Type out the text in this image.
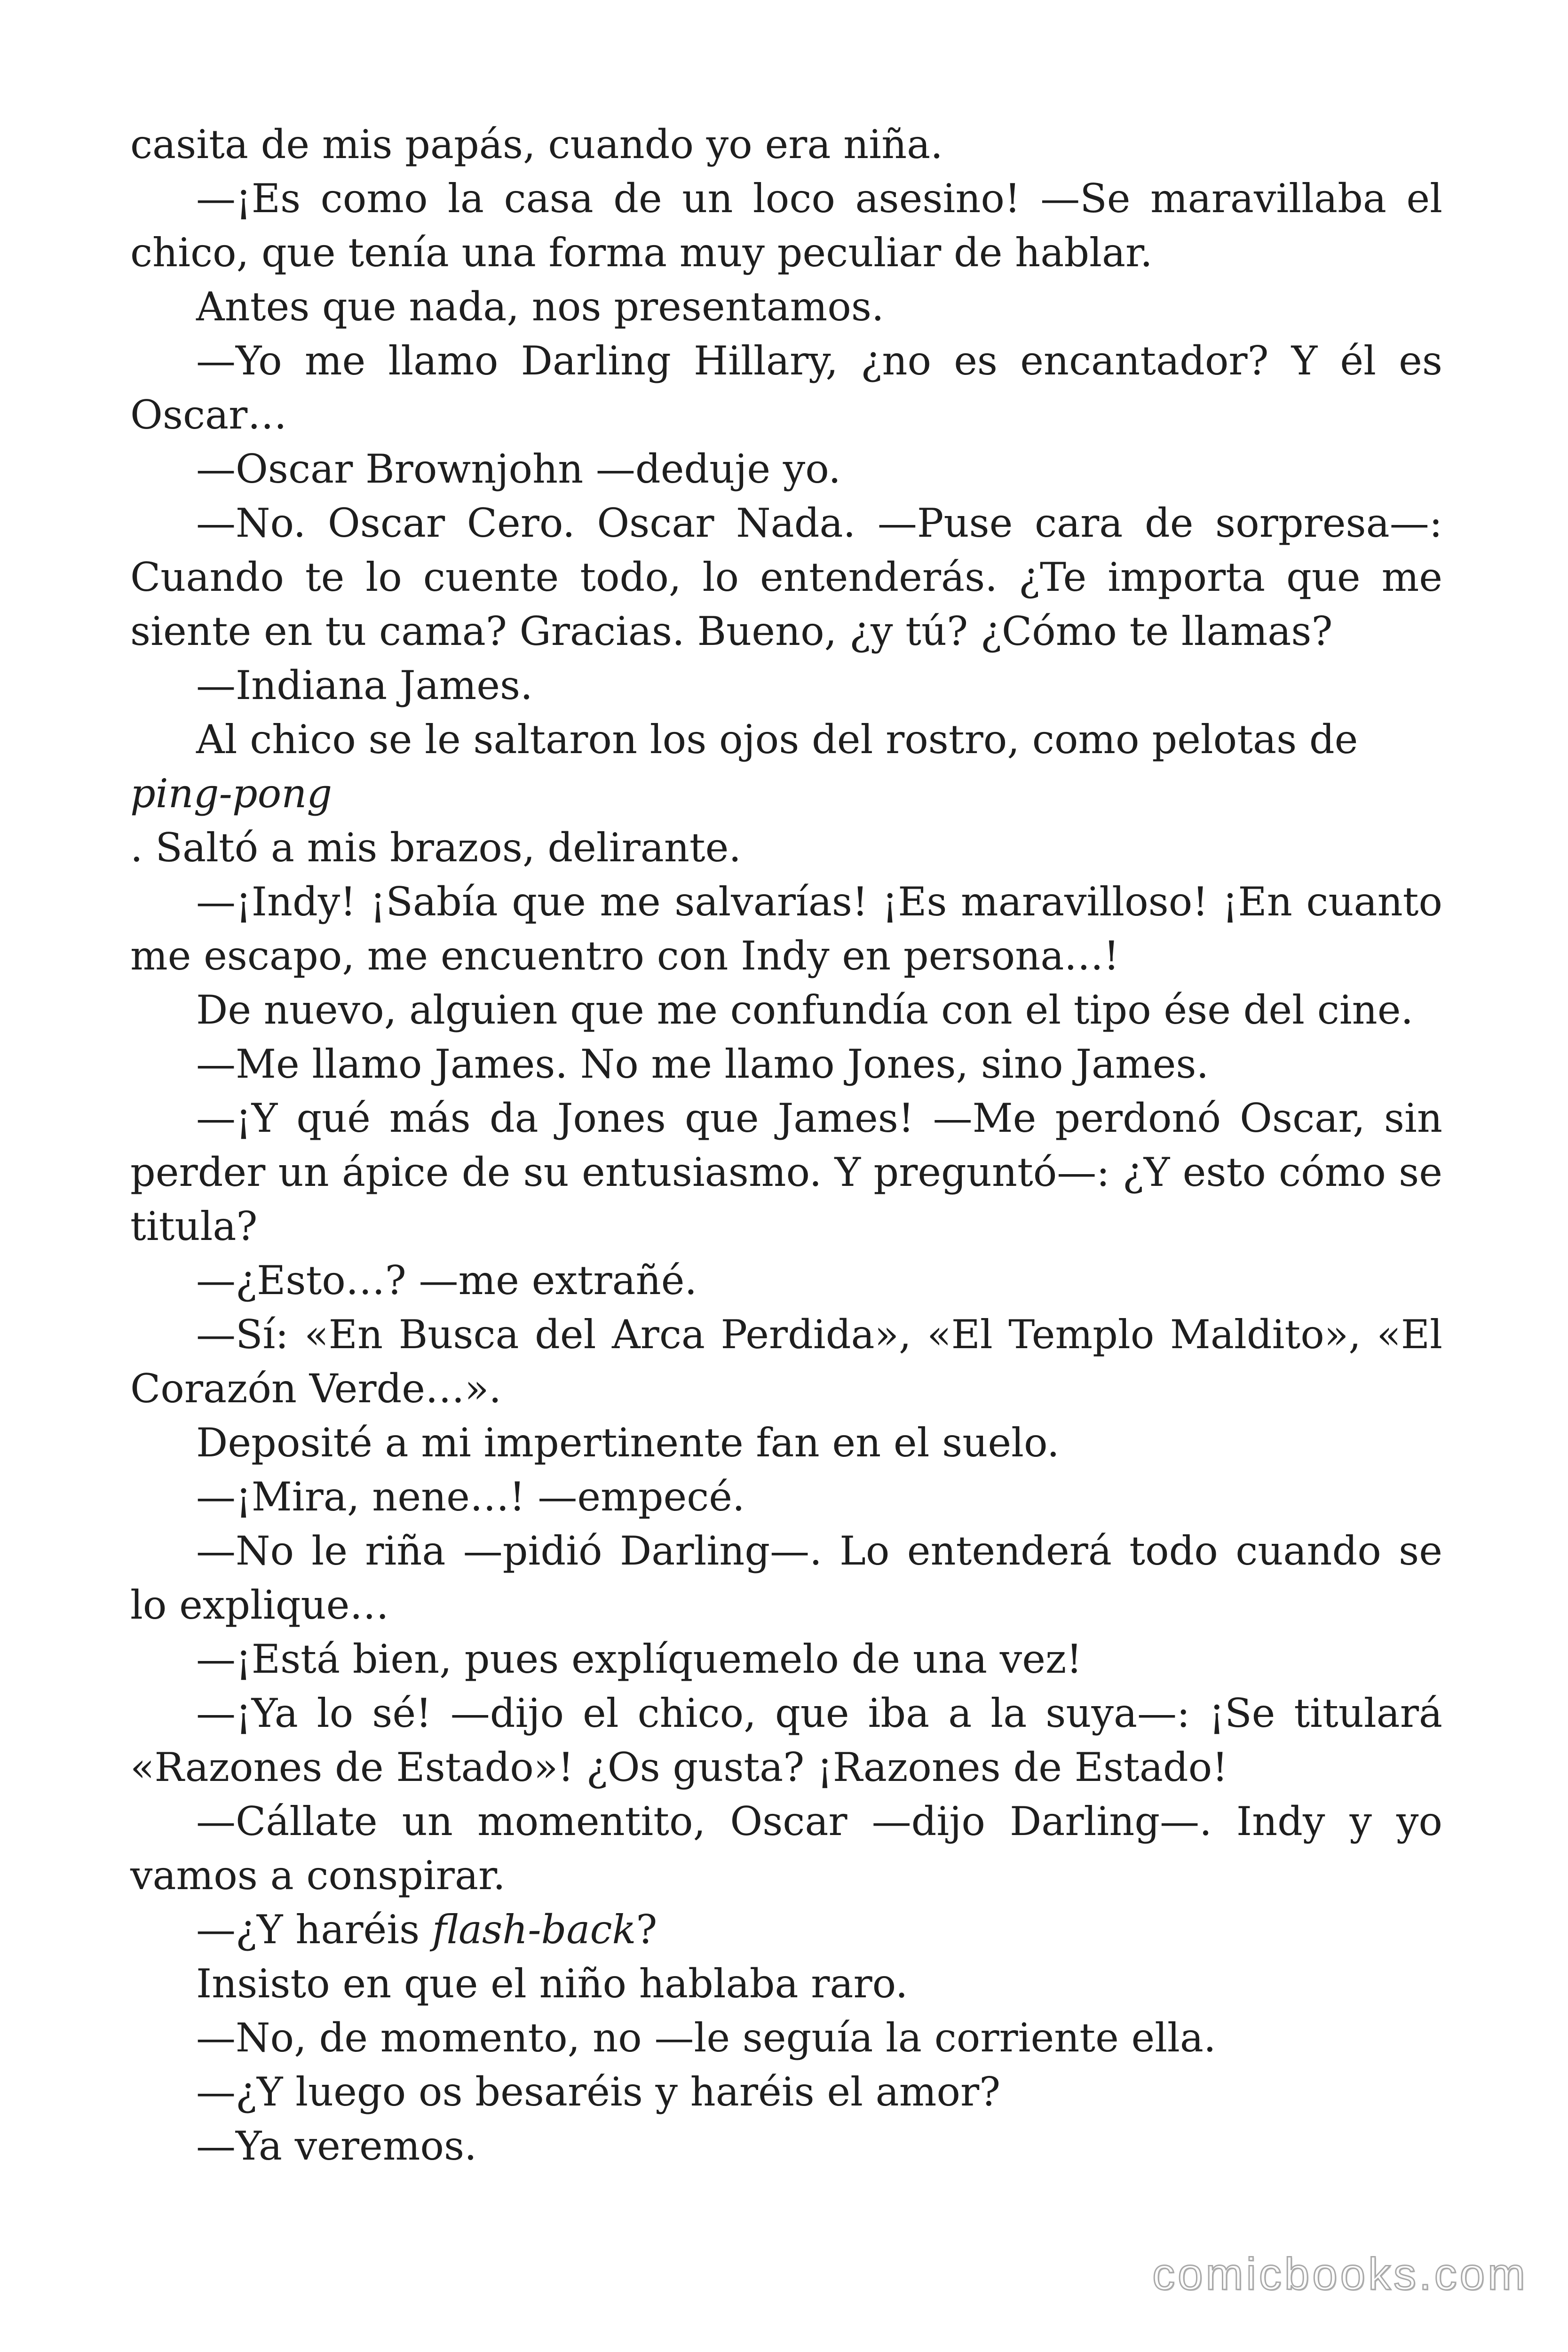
casita de mis papás, cuando yo era niña.

—¡Es como la casa de un loco asesino! —Se maravillaba el chico, que tenía una forma muy peculiar de hablar.

Antes que nada, nos presentamos.

—Yo me llamo Darling Hillary, ¿no es encantador? Y él es Oscar…

—Oscar Brownjohn —deduje yo.

—No. Oscar Cero. Oscar Nada. —Puse cara de sorpresa—: Cuando te lo cuente todo, lo entenderás. ¿Te importa que me siente en tu cama? Gracias. Bueno, ¿y tú? ¿Cómo te llamas?

—Indiana James.

Al chico se le saltaron los ojos del rostro, como pelotas de

ping-pong

. Saltó a mis brazos, delirante.

—¡Indy! ¡Sabía que me salvarías! ¡Es maravilloso! ¡En cuanto me escapo, me encuentro con Indy en persona…!

De nuevo, alguien que me confundía con el tipo ése del cine.

—Me llamo James. No me llamo Jones, sino James.

—¡Y qué más da Jones que James! —Me perdonó Oscar, sin perder un ápice de su entusiasmo. Y preguntó—: ¿Y esto cómo se titula?

—¿Esto…? —me extrañé.

—Sí: «En Busca del Arca Perdida», «El Templo Maldito», «El Corazón Verde…».

Deposité a mi impertinente fan en el suelo.

—¡Mira, nene…! —empecé.

—No le riña —pidió Darling—. Lo entenderá todo cuando se lo explique…

—¡Está bien, pues explíquemelo de una vez!

—¡Ya lo sé! —dijo el chico, que iba a la suya—: ¡Se titulará «Razones de Estado»! ¿Os gusta? ¡Razones de Estado!

—Cállate un momentito, Oscar —dijo Darling—. Indy y yo vamos a conspirar.

—¿Y haréis flash-back?

Insisto en que el niño hablaba raro.

—No, de momento, no —le seguía la corriente ella.

—¿Y luego os besaréis y haréis el amor?

—Ya veremos.

comicbooks.com
